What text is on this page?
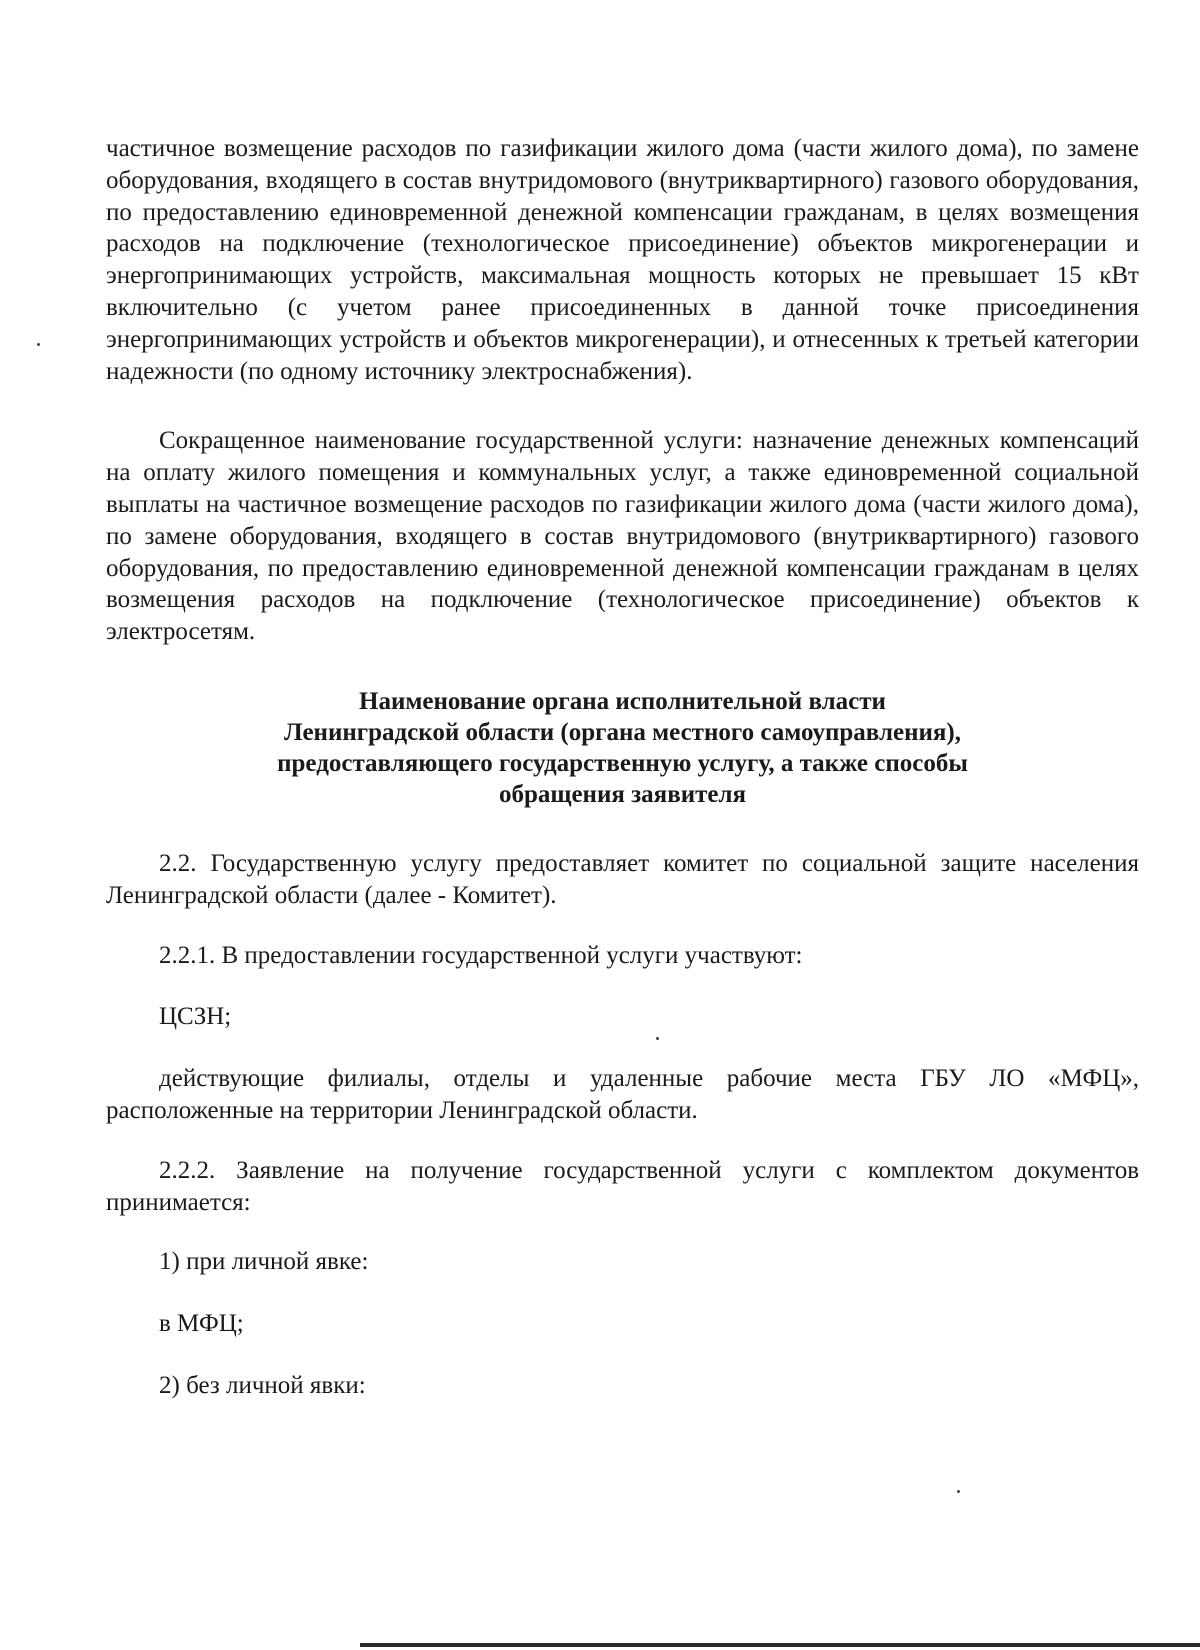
частичное возмещение расходов по газификации жилого дома (части жилого дома), по замене оборудования, входящего в состав внутридомового (внутриквартирного) газового оборудования, по предоставлению единовременной денежной компенсации гражданам, в целях возмещения расходов на подключение (технологическое присоединение) объектов микрогенерации и энергопринимающих устройств, максимальная мощность которых не превышает 15 кВт включительно (с учетом ранее присоединенных в данной точке присоединения энергопринимающих устройств и объектов микрогенерации), и отнесенных к третьей категории надежности (по одному источнику электроснабжения).

Сокращенное наименование государственной услуги: назначение денежных компенсаций на оплату жилого помещения и коммунальных услуг, а также единовременной социальной выплаты на частичное возмещение расходов по газификации жилого дома (части жилого дома), по замене оборудования, входящего в состав внутридомового (внутриквартирного) газового оборудования, по предоставлению единовременной денежной компенсации гражданам в целях возмещения расходов на подключение (технологическое присоединение) объектов к электросетям.

Наименование органа исполнительной власти
Ленинградской области (органа местного самоуправления),
предоставляющего государственную услугу, а также способы
обращения заявителя

2.2. Государственную услугу предоставляет комитет по социальной защите населения Ленинградской области (далее - Комитет).

2.2.1. В предоставлении государственной услуги участвуют:

ЦСЗН;

действующие филиалы, отделы и удаленные рабочие места ГБУ ЛО «МФЦ», расположенные на территории Ленинградской области.

2.2.2. Заявление на получение государственной услуги с комплектом документов принимается:

1) при личной явке:

в МФЦ;

2) без личной явки:
